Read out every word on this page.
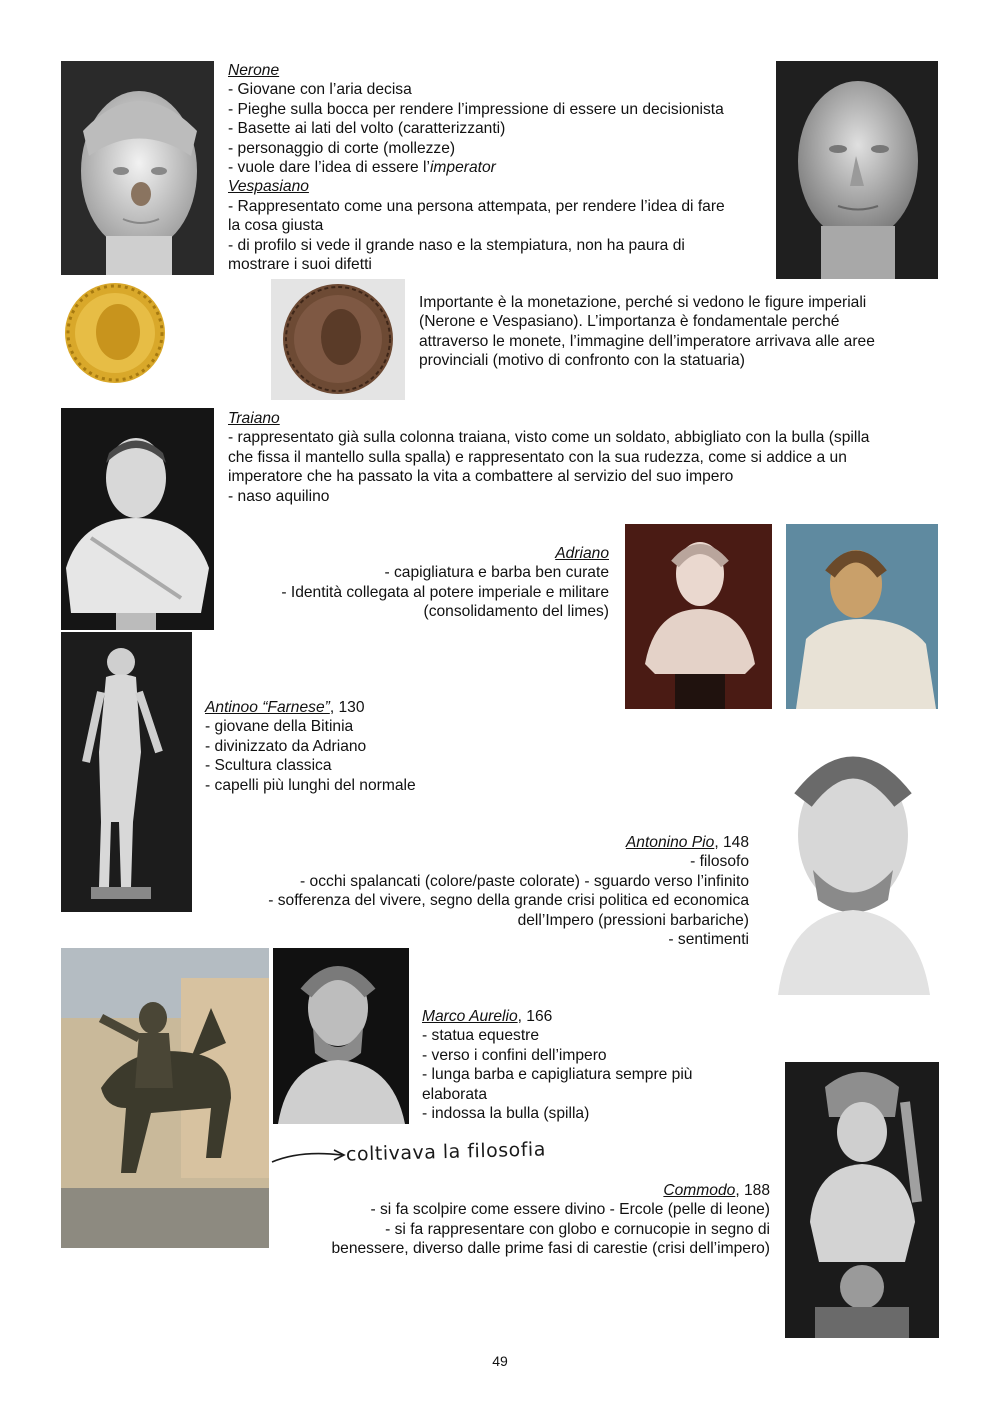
Nerone

- Giovane con l’aria decisa

- Pieghe sulla bocca per rendere l’impressione di essere un decisionista

- Basette ai lati del volto (caratterizzanti)

- personaggio di corte (mollezze)

- vuole dare l’idea di essere l’imperator

Vespasiano

- Rappresentato come una persona attempata, per rendere l’idea di fare

la cosa giusta

- di profilo si vede il grande naso e la stempiatura, non ha paura di

mostrare i suoi difetti

Importante è la monetazione, perché si vedono le figure imperiali

(Nerone e Vespasiano). L’importanza è fondamentale perché

attraverso le monete, l’immagine dell’imperatore arrivava alle aree

provinciali (motivo di confronto con la statuaria)

Traiano

- rappresentato già sulla colonna traiana, visto come un soldato, abbigliato con la bulla (spilla

che fissa il mantello sulla spalla) e rappresentato con la sua rudezza, come si addice a un

imperatore che ha passato la vita a combattere al servizio del suo impero

- naso aquilino

Adriano

- capigliatura e barba ben curate

- Identità collegata al potere imperiale e militare

(consolidamento del limes)

Antinoo “Farnese”, 130

- giovane della Bitinia

- divinizzato da Adriano

- Scultura classica

- capelli più lunghi del normale

Antonino Pio, 148

- filosofo

- occhi spalancati (colore/paste colorate) - sguardo verso l’infinito

- sofferenza del vivere, segno della grande crisi politica ed economica

dell’Impero (pressioni barbariche)

- sentimenti

Marco Aurelio, 166

- statua equestre

- verso i confini dell’impero

- lunga barba e capigliatura sempre più

elaborata

- indossa la bulla (spilla)

coltivava la filosofia

Commodo, 188

- si fa scolpire come essere divino - Ercole (pelle di leone)

- si fa rappresentare con globo e cornucopie in segno di

benessere, diverso dalle prime fasi di carestie (crisi dell’impero)

49
